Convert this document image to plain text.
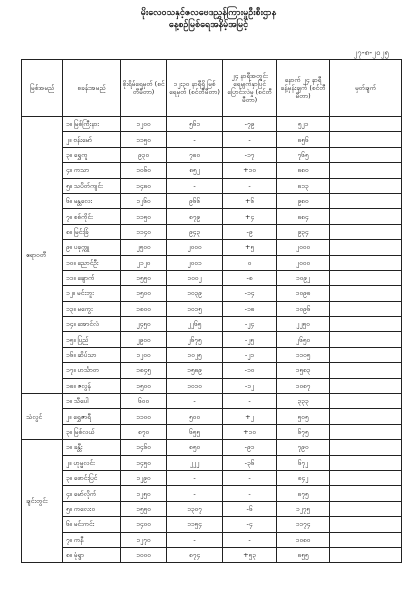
မိုးလေဝသနှင့်ဇလဗေဒညွှန်ကြားမှုဦးစီးဌာန
နေ့စဉ်မြစ်ရေအနိမ့်အမြင့်
၂၇-၈-၂၀၂၅
မြစ်အမည်	စခန်းအမည်	စိုးရိမ်ရေမှတ် (စင်တီမီတာ)	၁၂း၃၀ နာရီရှိ မြစ်ရေမှတ် (စင်တီမီတာ)	၂၄ နာရီအတွင်း ရေမျက်နှာပြင် ပြောင်းလဲမှု (စင်တီမီတာ)	နောက် ၂၄ နာရီ ခန့်မှန်းချက် (စင်တီမီတာ)	မှတ်ချက်
ဧရာဝတီ	၁။ မြစ်ကြီးနား	၁၂၀၀	၅၆၁	-၇၉	၅၂၁	
	၂။ ဗန်းမော်	၁၁၅၀	-	-	၈၅၆	
	၃။ ရွှေကူ	၉၃၀	၇၈၀	-၁၇	၇၆၅	
	၄။ ကသာ	၁၀၆၀	၈၅၂	+၁၀	၈၈၀	
	၅။ သပိတ်ကျင်း	၁၄၈၀	-	-	၈၁၃	
	၆။ မန္တလေး	၁၂၆၀	၉၆၆	+၆	၉၈၀	
	၇။ စစ်ကိုင်း	၁၁၅၀	၈၇၉	+၄	၈၈၄	
	၈။ မြင်းခြံ	၁၁၄၀	၉၄၃	-၉	၉၃၄	
	၉။ ပခုက္ကူ	၂၅၀၀	၂၀၀၀	+၅	၂၀၀၀	
	၁၀။ ညောင်ဦး	၂၁၂၀	၂၀၀၁	၀	၂၀၀၀	
	၁၁။ ချောက်	၁၅၅၀	၁၀၀၂	-၈	၁၀၉၂	
	၁၂။ မင်းဘူး	၁၅၀၀	၁၀၃၉	-၁၄	၁၀၉၈	
	၁၃။ မကွေး	၁၈၀၀	၁၀၁၅	-၁၈	၁၀၉၆	
	၁၄။ အောင်လံ	၂၄၅၀	၂၂၆၅	-၂၄	၂၂၅၀	
	၁၅။ ပြည်	၂၉၀၀	၂၆၇၅	-၂၅	၂၆၅၀	
	၁၆။ ဆိပ်သာ	၁၂၀၀	၁၀၂၅	-၂၁	၁၁၀၅	
	၁၇။ ဟင်္သာတ	၁၈၄၅	၁၅၈၉	-၁၀	၁၅၈၃	
	၁၈။ ဇလွန်	၁၅၀၀	၁၀၁၀	-၁၂	၁၀၈၇	
သံလွင်	၁။ သီပေါ	၆၀၀	-	-	၃၃၃	
	၂။ ရွှေဇာရီ	၁၁၀၀	၅၀၀	+၂	၅၀၅	
	၃။ မြစ်လယ်	၈၇၀	၆၅၅	+၁၀	၆၇၅	
ချင်းတွင်း	၁။ ခန္တီး	၁၄၆၀	၈၅၀	-၉၁	၇၉၀	
	၂။ ဟုမ္မလင်း	၁၄၅၀	၂၂၂	-၃၆	၆၇၂	
	၃။ ဖောင်းပြင်	၁၂၉၀	-	-	၈၄၂	
	၄။ မော်လိုက်	၁၂၅၀	-	-	၈၇၅	
	၅။ ကလေးဝ	၁၅၅၀	၁၃၀၇	-၆	၁၂၇၅	
	၆။ မင်းကင်း	၁၄၀၀	၁၁၅၄	-၄	၁၁၇၄	
	၇။ ကနီ	၁၂၇၀	-	-	၁၀၈၀	
	၈။ မုံရွာ	၁၀၀၀	၈၇၄	+၅၃	၈၅၅	
